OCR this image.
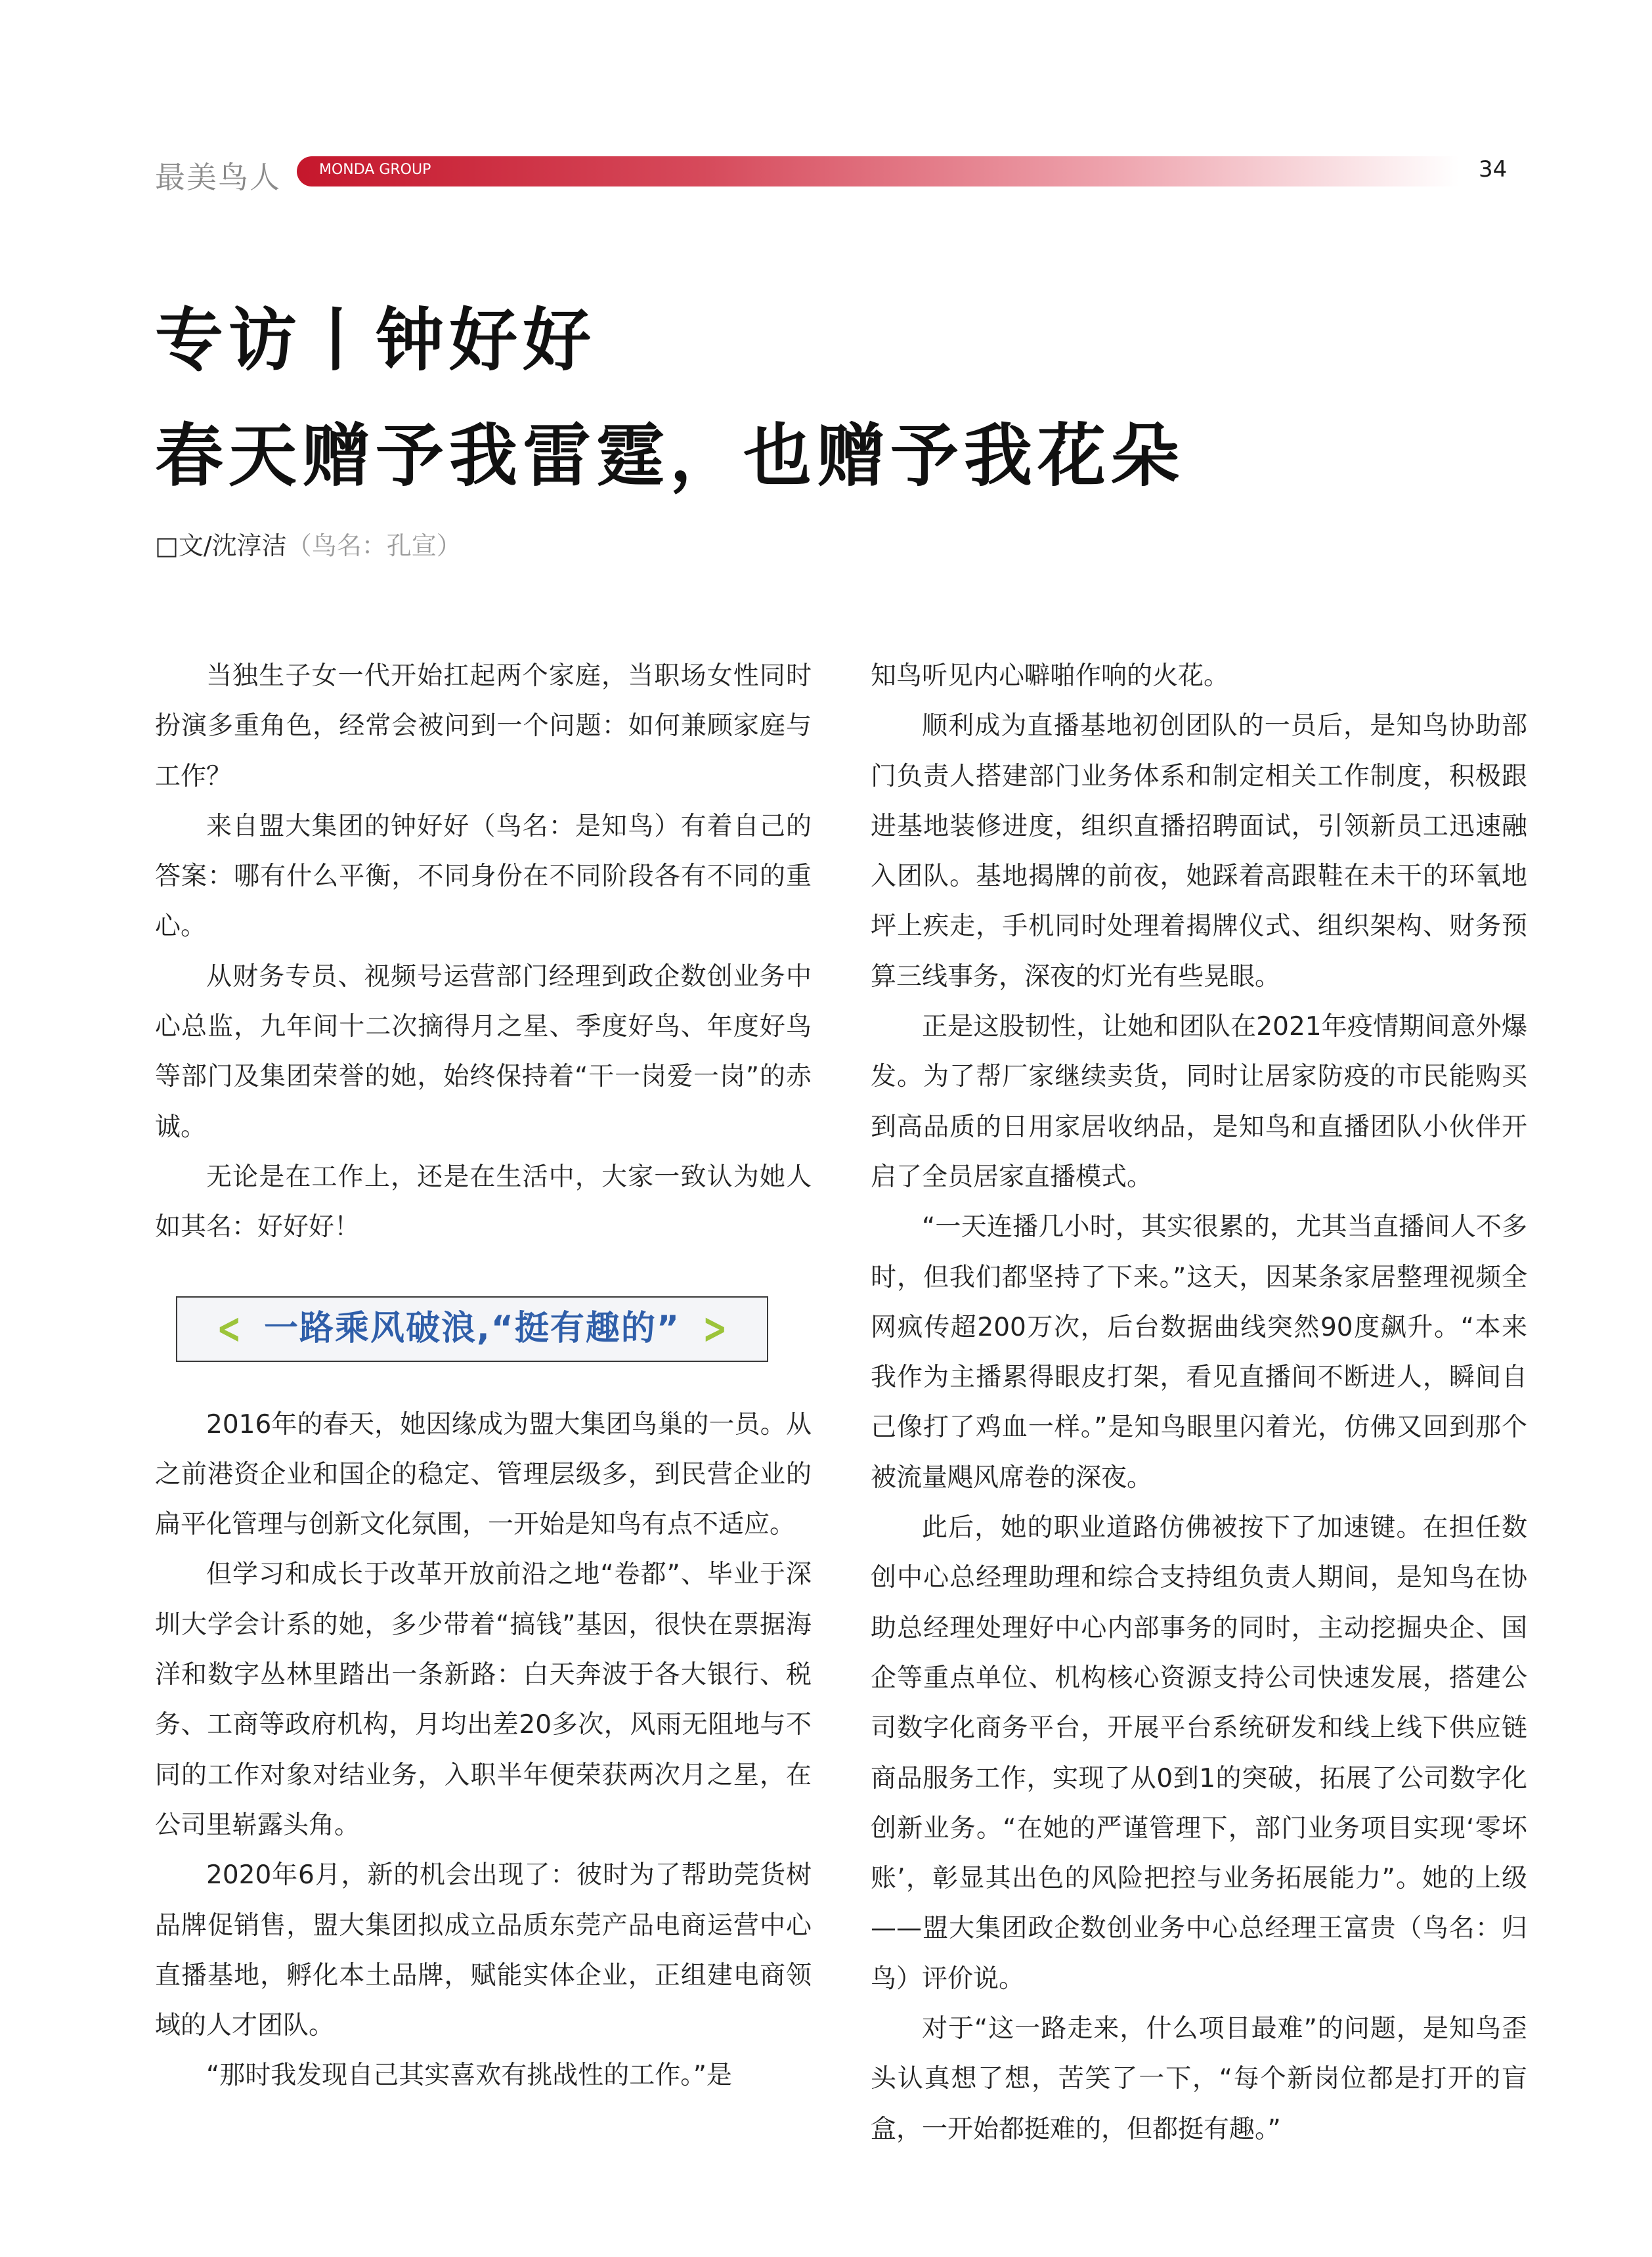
最美鸟人	MONDA GROUP	34
专访丨钟好好
春天赠予我雷霆，也赠予我花朵
□文/沈淳洁（鸟名：孔宣）

当独生子女一代开始扛起两个家庭，当职场女性同时扮演多重角色，经常会被问到一个问题：如何兼顾家庭与工作？

来自盟大集团的钟好好（鸟名：是知鸟）有着自己的答案：哪有什么平衡，不同身份在不同阶段各有不同的重心。

从财务专员、视频号运营部门经理到政企数创业务中心总监，九年间十二次摘得月之星、季度好鸟、年度好鸟等部门及集团荣誉的她，始终保持着“干一岗爱一岗”的赤诚。

无论是在工作上，还是在生活中，大家一致认为她人如其名：好好好！

< 一路乘风破浪,“挺有趣的” >

2016年的春天，她因缘成为盟大集团鸟巢的一员。从之前港资企业和国企的稳定、管理层级多，到民营企业的扁平化管理与创新文化氛围，一开始是知鸟有点不适应。

但学习和成长于改革开放前沿之地“卷都”、毕业于深圳大学会计系的她，多少带着“搞钱”基因，很快在票据海洋和数字丛林里踏出一条新路：白天奔波于各大银行、税务、工商等政府机构，月均出差20多次，风雨无阻地与不同的工作对象对结业务，入职半年便荣获两次月之星，在公司里崭露头角。

2020年6月，新的机会出现了：彼时为了帮助莞货树品牌促销售，盟大集团拟成立品质东莞产品电商运营中心直播基地，孵化本土品牌，赋能实体企业，正组建电商领域的人才团队。

“那时我发现自己其实喜欢有挑战性的工作。”是

知鸟听见内心噼啪作响的火花。

顺利成为直播基地初创团队的一员后，是知鸟协助部门负责人搭建部门业务体系和制定相关工作制度，积极跟进基地装修进度，组织直播招聘面试，引领新员工迅速融入团队。基地揭牌的前夜，她踩着高跟鞋在未干的环氧地坪上疾走，手机同时处理着揭牌仪式、组织架构、财务预算三线事务，深夜的灯光有些晃眼。

正是这股韧性，让她和团队在2021年疫情期间意外爆发。为了帮厂家继续卖货，同时让居家防疫的市民能购买到高品质的日用家居收纳品，是知鸟和直播团队小伙伴开启了全员居家直播模式。

“一天连播几小时，其实很累的，尤其当直播间人不多时，但我们都坚持了下来。”这天，因某条家居整理视频全网疯传超200万次，后台数据曲线突然90度飙升。“本来我作为主播累得眼皮打架，看见直播间不断进人，瞬间自己像打了鸡血一样。”是知鸟眼里闪着光，仿佛又回到那个被流量飓风席卷的深夜。

此后，她的职业道路仿佛被按下了加速键。在担任数创中心总经理助理和综合支持组负责人期间，是知鸟在协助总经理处理好中心内部事务的同时，主动挖掘央企、国企等重点单位、机构核心资源支持公司快速发展，搭建公司数字化商务平台，开展平台系统研发和线上线下供应链商品服务工作，实现了从0到1的突破，拓展了公司数字化创新业务。“在她的严谨管理下，部门业务项目实现‘零坏账’，彰显其出色的风险把控与业务拓展能力”。她的上级——盟大集团政企数创业务中心总经理王富贵（鸟名：归鸟）评价说。

对于“这一路走来，什么项目最难”的问题，是知鸟歪头认真想了想，苦笑了一下，“每个新岗位都是打开的盲盒，一开始都挺难的，但都挺有趣。”
